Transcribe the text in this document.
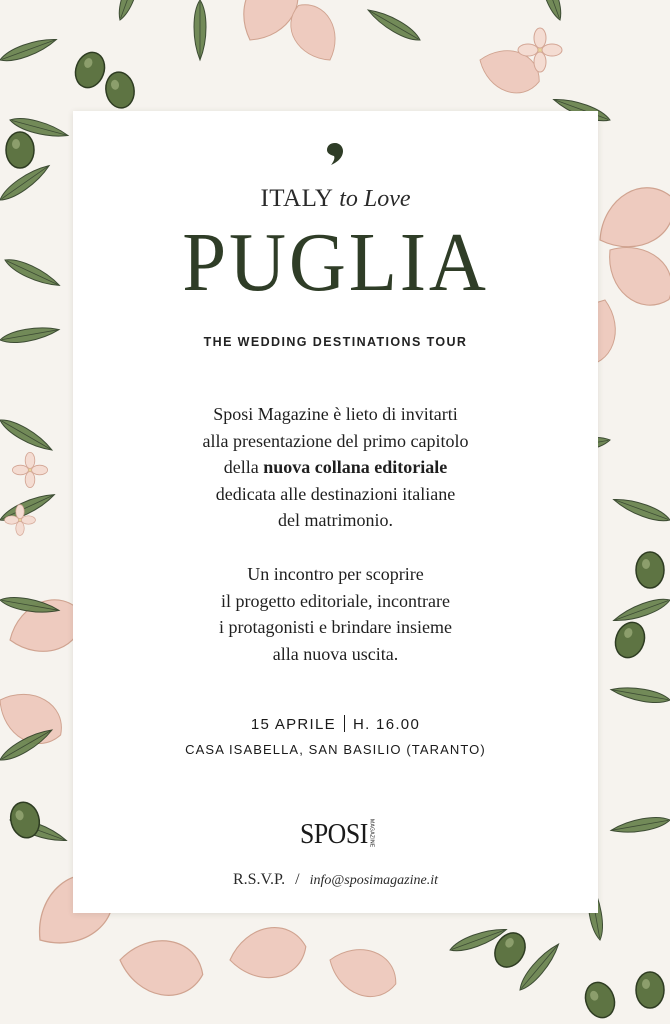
ITALY to Love
PUGLIA
THE WEDDING DESTINATIONS TOUR
Sposi Magazine è lieto di invitarti
alla presentazione del primo capitolo
della nuova collana editoriale
dedicata alle destinazioni italiane
del matrimonio.
Un incontro per scoprire
il progetto editoriale, incontrare
i protagonisti e brindare insieme
alla nuova uscita.
15 APRILE H. 16.00
CASA ISABELLA, SAN BASILIO (TARANTO)
SPOSIMAGAZINE
R.S.V.P. / info@sposimagazine.it
